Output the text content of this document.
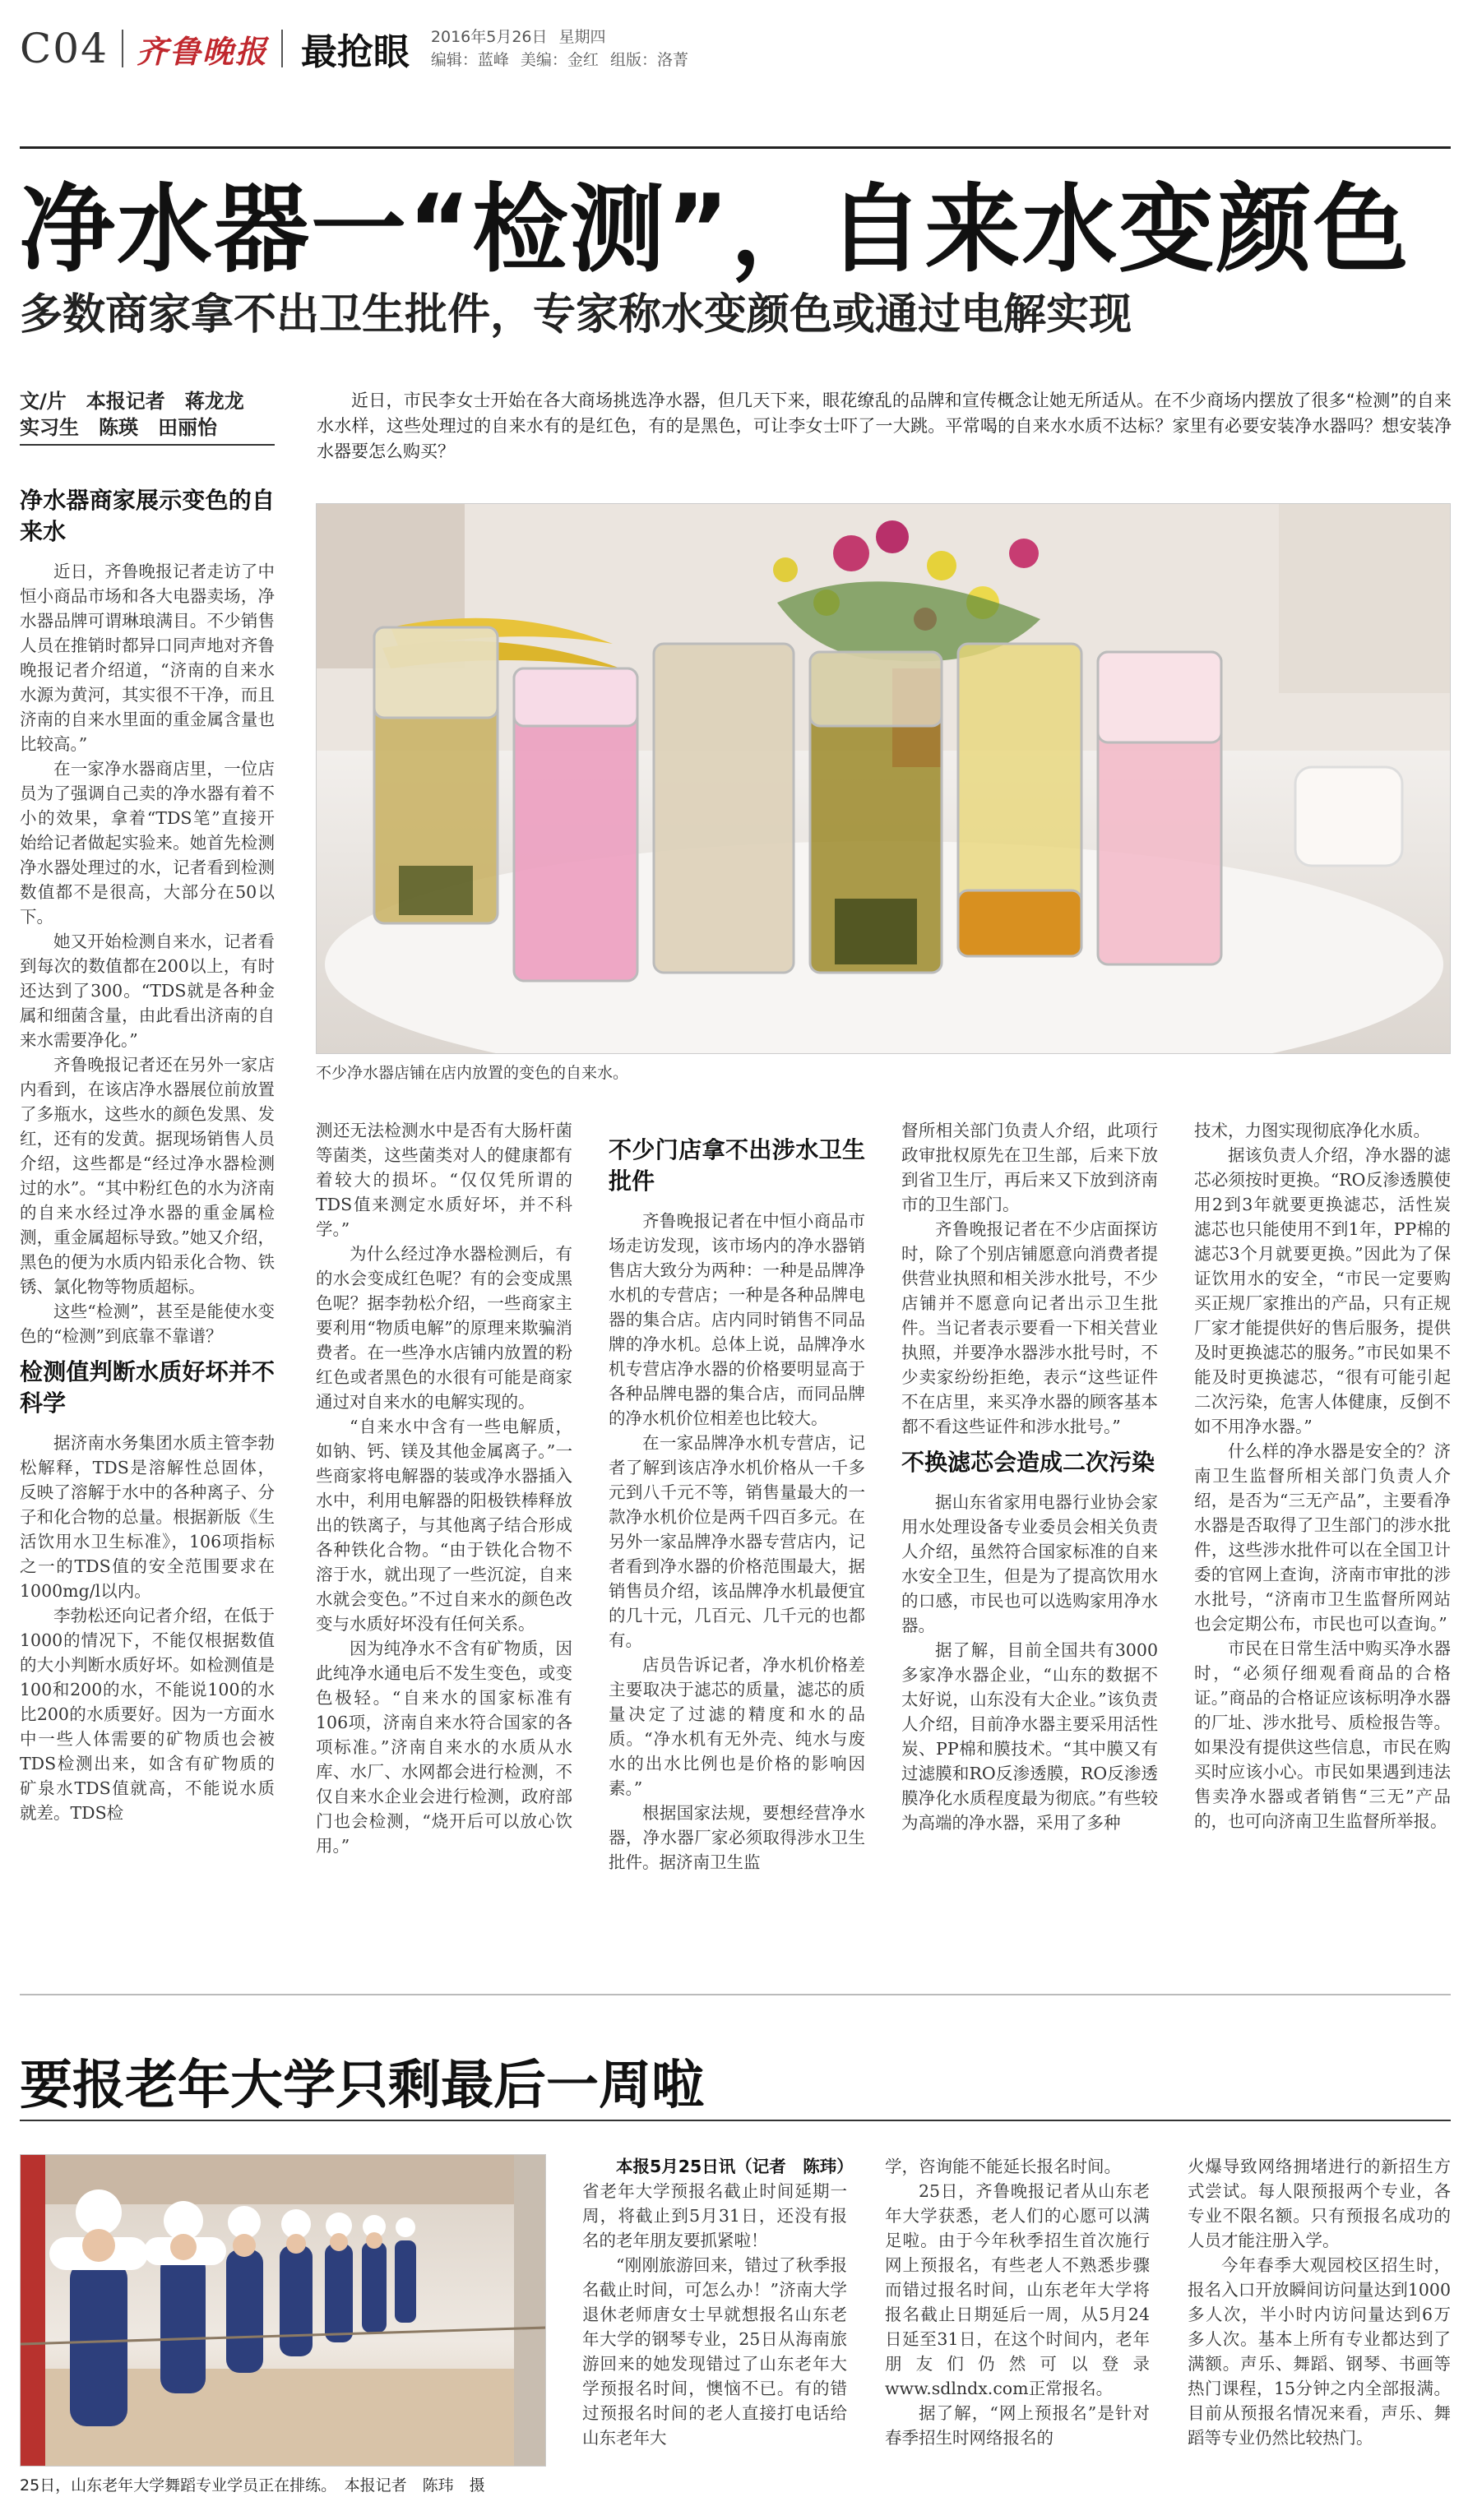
C04 齐鲁晚报 最抢眼 2016年5月26日 星期四
编辑：蓝峰 美编：金红 组版：洛菁
净水器一“检测”，自来水变颜色
多数商家拿不出卫生批件，专家称水变颜色或通过电解实现
文/片　本报记者　蒋龙龙
实习生　陈瑛　田丽怡

近日，市民李女士开始在各大商场挑选净水器，但几天下来，眼花缭乱的品牌和宣传概念让她无所适从。在不少商场内摆放了很多“检测”的自来水水样，这些处理过的自来水有的是红色，有的是黑色，可让李女士吓了一大跳。平常喝的自来水水质不达标？家里有必要安装净水器吗？想安装净水器要怎么购买？

不少净水器店铺在店内放置的变色的自来水。
净水器商家展示变色的自来水

近日，齐鲁晚报记者走访了中恒小商品市场和各大电器卖场，净水器品牌可谓琳琅满目。不少销售人员在推销时都异口同声地对齐鲁晚报记者介绍道，“济南的自来水水源为黄河，其实很不干净，而且济南的自来水里面的重金属含量也比较高。”

在一家净水器商店里，一位店员为了强调自己卖的净水器有着不小的效果，拿着“TDS笔”直接开始给记者做起实验来。她首先检测净水器处理过的水，记者看到检测数值都不是很高，大部分在50以下。

她又开始检测自来水，记者看到每次的数值都在200以上，有时还达到了300。“TDS就是各种金属和细菌含量，由此看出济南的自来水需要净化。”

齐鲁晚报记者还在另外一家店内看到，在该店净水器展位前放置了多瓶水，这些水的颜色发黑、发红，还有的发黄。据现场销售人员介绍，这些都是“经过净水器检测过的水”。“其中粉红色的水为济南的自来水经过净水器的重金属检测，重金属超标导致。”她又介绍，黑色的便为水质内铅汞化合物、铁锈、氯化物等物质超标。

这些“检测”，甚至是能使水变色的“检测”到底靠不靠谱？

检测值判断水质好坏并不科学

据济南水务集团水质主管李勃松解释，TDS是溶解性总固体，反映了溶解于水中的各种离子、分子和化合物的总量。根据新版《生活饮用水卫生标准》，106项指标之一的TDS值的安全范围要求在1000mg/l以内。

李勃松还向记者介绍，在低于1000的情况下，不能仅根据数值的大小判断水质好坏。如检测值是100和200的水，不能说100的水比200的水质要好。因为一方面水中一些人体需要的矿物质也会被TDS检测出来，如含有矿物质的矿泉水TDS值就高，不能说水质就差。TDS检

测还无法检测水中是否有大肠杆菌等菌类，这些菌类对人的健康都有着较大的损坏。“仅仅凭所谓的TDS值来测定水质好坏，并不科学。”

为什么经过净水器检测后，有的水会变成红色呢？有的会变成黑色呢？据李勃松介绍，一些商家主要利用“物质电解”的原理来欺骗消费者。在一些净水店铺内放置的粉红色或者黑色的水很有可能是商家通过对自来水的电解实现的。

“自来水中含有一些电解质，如钠、钙、镁及其他金属离子。”一些商家将电解器的装或净水器插入水中，利用电解器的阳极铁棒释放出的铁离子，与其他离子结合形成各种铁化合物。“由于铁化合物不溶于水，就出现了一些沉淀，自来水就会变色。”不过自来水的颜色改变与水质好坏没有任何关系。

因为纯净水不含有矿物质，因此纯净水通电后不发生变色，或变色极轻。“自来水的国家标准有106项，济南自来水符合国家的各项标准。”济南自来水的水质从水库、水厂、水网都会进行检测，不仅自来水企业会进行检测，政府部门也会检测，“烧开后可以放心饮用。”

不少门店拿不出涉水卫生批件

齐鲁晚报记者在中恒小商品市场走访发现，该市场内的净水器销售店大致分为两种：一种是品牌净水机的专营店；一种是各种品牌电器的集合店。店内同时销售不同品牌的净水机。总体上说，品牌净水机专营店净水器的价格要明显高于各种品牌电器的集合店，而同品牌的净水机价位相差也比较大。

在一家品牌净水机专营店，记者了解到该店净水机价格从一千多元到八千元不等，销售量最大的一款净水机价位是两千四百多元。在另外一家品牌净水器专营店内，记者看到净水器的价格范围最大，据销售员介绍，该品牌净水机最便宜的几十元，几百元、几千元的也都有。

店员告诉记者，净水机价格差主要取决于滤芯的质量，滤芯的质量决定了过滤的精度和水的品质。“净水机有无外壳、纯水与废水的出水比例也是价格的影响因素。”

根据国家法规，要想经营净水器，净水器厂家必须取得涉水卫生批件。据济南卫生监

督所相关部门负责人介绍，此项行政审批权原先在卫生部，后来下放到省卫生厅，再后来又下放到济南市的卫生部门。

齐鲁晚报记者在不少店面探访时，除了个别店铺愿意向消费者提供营业执照和相关涉水批号，不少店铺并不愿意向记者出示卫生批件。当记者表示要看一下相关营业执照，并要净水器涉水批号时，不少卖家纷纷拒绝，表示“这些证件不在店里，来买净水器的顾客基本都不看这些证件和涉水批号。”

不换滤芯会造成二次污染

据山东省家用电器行业协会家用水处理设备专业委员会相关负责人介绍，虽然符合国家标准的自来水安全卫生，但是为了提高饮用水的口感，市民也可以选购家用净水器。

据了解，目前全国共有3000多家净水器企业，“山东的数据不太好说，山东没有大企业。”该负责人介绍，目前净水器主要采用活性炭、PP棉和膜技术。“其中膜又有过滤膜和RO反渗透膜，RO反渗透膜净化水质程度最为彻底。”有些较为高端的净水器，采用了多种

技术，力图实现彻底净化水质。

据该负责人介绍，净水器的滤芯必须按时更换。“RO反渗透膜使用2到3年就要更换滤芯，活性炭滤芯也只能使用不到1年，PP棉的滤芯3个月就要更换。”因此为了保证饮用水的安全，“市民一定要购买正规厂家推出的产品，只有正规厂家才能提供好的售后服务，提供及时更换滤芯的服务。”市民如果不能及时更换滤芯，“很有可能引起二次污染，危害人体健康，反倒不如不用净水器。”

什么样的净水器是安全的？济南卫生监督所相关部门负责人介绍，是否为“三无产品”，主要看净水器是否取得了卫生部门的涉水批件，这些涉水批件可以在全国卫计委的官网上查询，济南市审批的涉水批号，“济南市卫生监督所网站也会定期公布，市民也可以查询。”

市民在日常生活中购买净水器时，“必须仔细观看商品的合格证。”商品的合格证应该标明净水器的厂址、涉水批号、质检报告等。如果没有提供这些信息，市民在购买时应该小心。市民如果遇到违法售卖净水器或者销售“三无”产品的，也可向济南卫生监督所举报。

要报老年大学只剩最后一周啦
25日，山东老年大学舞蹈专业学员正在排练。　本报记者　陈玮　摄

本报5月25日讯（记者　陈玮）省老年大学预报名截止时间延期一周，将截止到5月31日，还没有报名的老年朋友要抓紧啦！

“刚刚旅游回来，错过了秋季报名截止时间，可怎么办！”济南大学退休老师唐女士早就想报名山东老年大学的钢琴专业，25日从海南旅游回来的她发现错过了山东老年大学预报名时间，懊恼不已。有的错过预报名时间的老人直接打电话给山东老年大

学，咨询能不能延长报名时间。

25日，齐鲁晚报记者从山东老年大学获悉，老人们的心愿可以满足啦。由于今年秋季招生首次施行网上预报名，有些老人不熟悉步骤而错过报名时间，山东老年大学将报名截止日期延后一周，从5月24日延至31日，在这个时间内，老年朋友们仍然可以登录www.sdlndx.com正常报名。

据了解，“网上预报名”是针对春季招生时网络报名的

火爆导致网络拥堵进行的新招生方式尝试。每人限预报两个专业，各专业不限名额。只有预报名成功的人员才能注册入学。

今年春季大观园校区招生时，报名入口开放瞬间访问量达到1000多人次，半小时内访问量达到6万多人次。基本上所有专业都达到了满额。声乐、舞蹈、钢琴、书画等热门课程，15分钟之内全部报满。目前从预报名情况来看，声乐、舞蹈等专业仍然比较热门。
